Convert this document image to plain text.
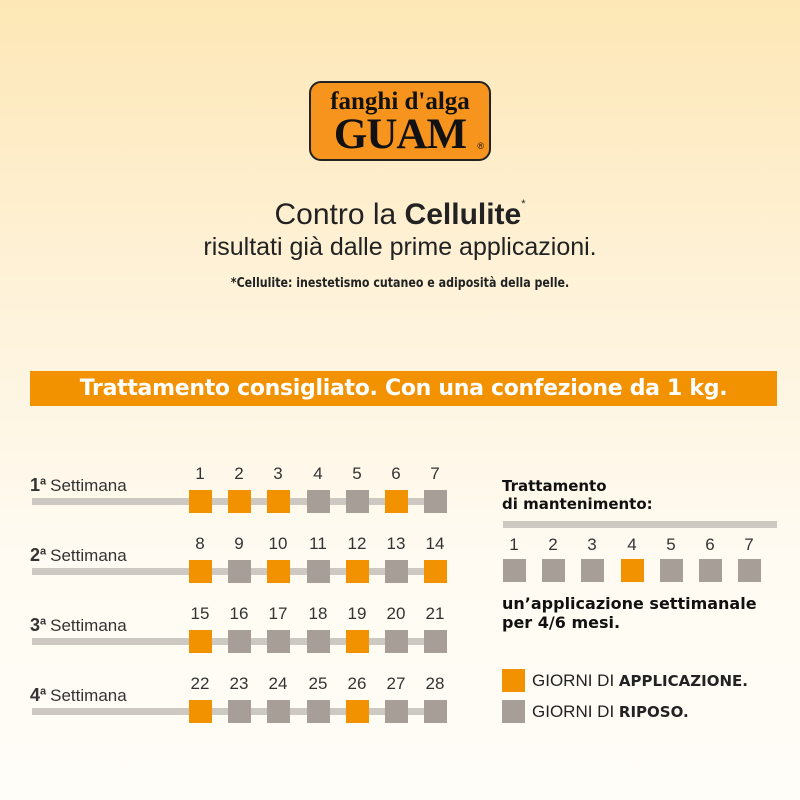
fanghi d'alga
GUAM	®
Contro la Cellulite*
risultati già dalle prime applicazioni.
*Cellulite: inestetismo cutaneo e adiposità della pelle.
Trattamento consigliato. Con una confezione da 1 kg.
1$^a$ Settimana
1	2	3	4	5	6	7
2$^a$ Settimana
8	9	10	11	12	13	14
3$^a$ Settimana
15	16	17	18	19	20	21
4$^a$ Settimana
22	23	24	25	26	27	28
Trattamento
di mantenimento:
1	2	3	4	5	6	7
un’applicazione settimanale
per 4/6 mesi.
GIORNI DI APPLICAZIONE.
GIORNI DI RIPOSO.
